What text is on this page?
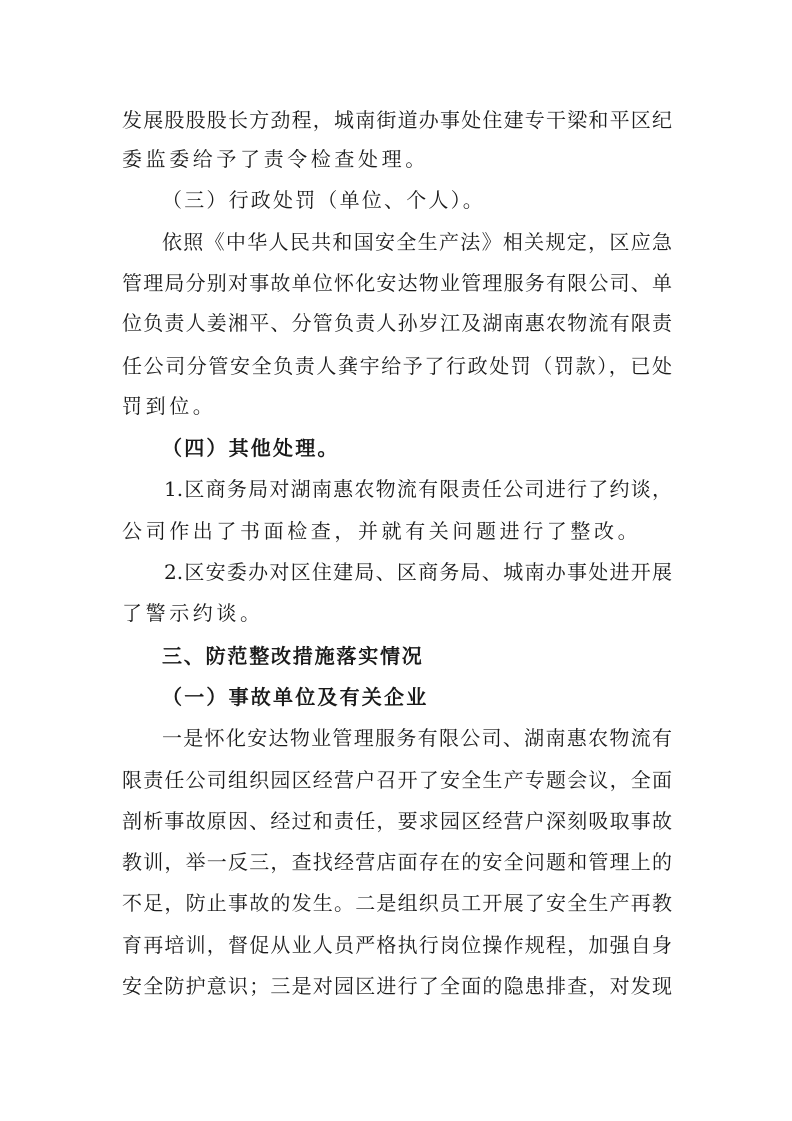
发展股股股长方劲程，城南街道办事处住建专干梁和平区纪
委监委给予了责令检查处理。
（三）行政处罚（单位、个人）。
依照《中华人民共和国安全生产法》相关规定，区应急
管理局分别对事故单位怀化安达物业管理服务有限公司、单
位负责人姜湘平、分管负责人孙岁江及湖南惠农物流有限责
任公司分管安全负责人龚宇给予了行政处罚（罚款），已处
罚到位。
（四）其他处理。
1.区商务局对湖南惠农物流有限责任公司进行了约谈，
公司作出了书面检查，并就有关问题进行了整改。
2.区安委办对区住建局、区商务局、城南办事处进开展
了警示约谈。
三、防范整改措施落实情况
（一）事故单位及有关企业
一是怀化安达物业管理服务有限公司、湖南惠农物流有
限责任公司组织园区经营户召开了安全生产专题会议，全面
剖析事故原因、经过和责任，要求园区经营户深刻吸取事故
教训，举一反三，查找经营店面存在的安全问题和管理上的
不足，防止事故的发生。二是组织员工开展了安全生产再教
育再培训，督促从业人员严格执行岗位操作规程，加强自身
安全防护意识；三是对园区进行了全面的隐患排查，对发现
